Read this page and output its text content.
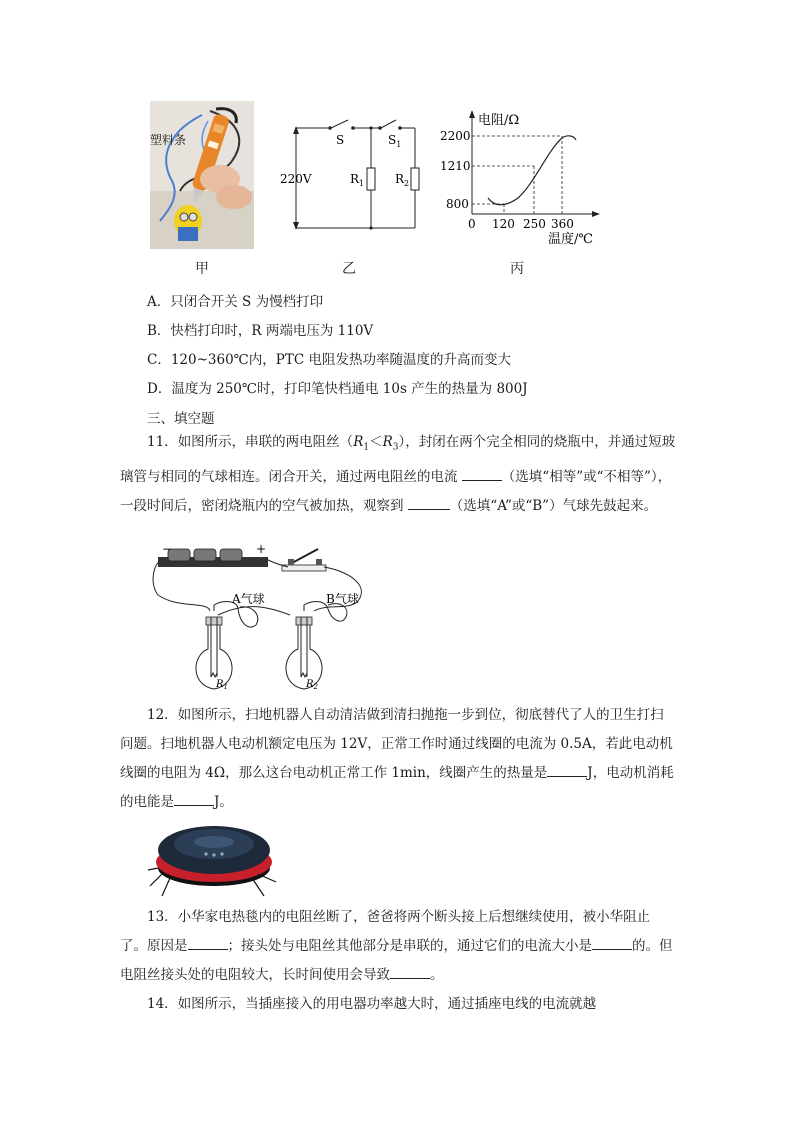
塑料条
甲
220V
S	$S_1$
$R_1$	$R_2$
乙
电阻/Ω
2200
1210
800
0 120 250 360
温度/℃
丙
A．只闭合开关 S 为慢档打印
B．快档打印时，R 两端电压为 110V
C．120~360℃内，PTC 电阻发热功率随温度的升高而变大
D．温度为 250℃时，打印笔快档通电 10s 产生的热量为 800J
三、填空题
11．如图所示，串联的两电阻丝$(R_1<R_3)$，封闭在两个完全相同的烧瓶中，并通过短玻璃管与相同的气球相连。闭合开关，通过两电阻丝的电流	（选填“相等”或“不相等”），一段时间后，密闭烧瓶内的空气被加热，观察到	（选填“A”或“B”）气球先鼓起来。
−	+
A气球	B气球
$R_1$	$R_2$
12．如图所示，扫地机器人自动清洁做到清扫抛拖一步到位，彻底替代了人的卫生打扫问题。扫地机器人电动机额定电压为 12V，正常工作时通过线圈的电流为 0.5A，若此电动机线圈的电阻为 4Ω，那么这台电动机正常工作 1min，线圈产生的热量是	J，电动机消耗的电能是	J。
13．小华家电热毯内的电阻丝断了，爸爸将两个断头接上后想继续使用，被小华阻止了。原因是	；接头处与电阻丝其他部分是串联的，通过它们的电流大小是	的。但电阻丝接头处的电阻较大，长时间使用会导致	。
14．如图所示，当插座接入的用电器功率越大时，通过插座电线的电流就越
